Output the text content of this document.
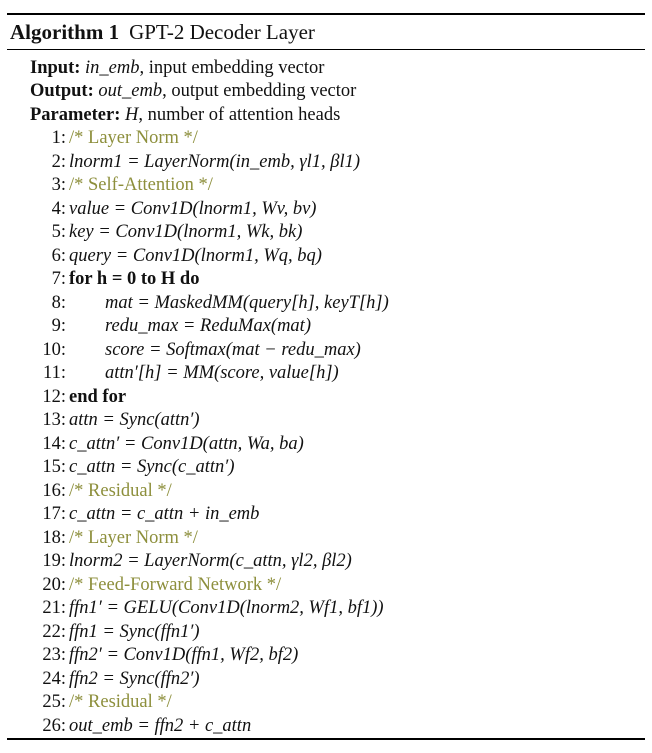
Algorithm 1 GPT-2 Decoder Layer
Input: in_emb, input embedding vector
Output: out_emb, output embedding vector
Parameter: H, number of attention heads
1: /* Layer Norm */
2: lnorm1 = LayerNorm(in_emb, γl1, βl1)
3: /* Self-Attention */
4: value = Conv1D(lnorm1, Wv, bv)
5: key = Conv1D(lnorm1, Wk, bk)
6: query = Conv1D(lnorm1, Wq, bq)
7: for h = 0 to H do
8: mat = MaskedMM(query[h], keyT[h])
9: redu_max = ReduMax(mat)
10: score = Softmax(mat − redu_max)
11: attn′[h] = MM(score, value[h])
12: end for
13: attn = Sync(attn′)
14: c_attn′ = Conv1D(attn, Wa, ba)
15: c_attn = Sync(c_attn′)
16: /* Residual */
17: c_attn = c_attn + in_emb
18: /* Layer Norm */
19: lnorm2 = LayerNorm(c_attn, γl2, βl2)
20: /* Feed-Forward Network */
21: ffn1′ = GELU(Conv1D(lnorm2, Wf1, bf1))
22: ffn1 = Sync(ffn1′)
23: ffn2′ = Conv1D(ffn1, Wf2, bf2)
24: ffn2 = Sync(ffn2′)
25: /* Residual */
26: out_emb = ffn2 + c_attn
